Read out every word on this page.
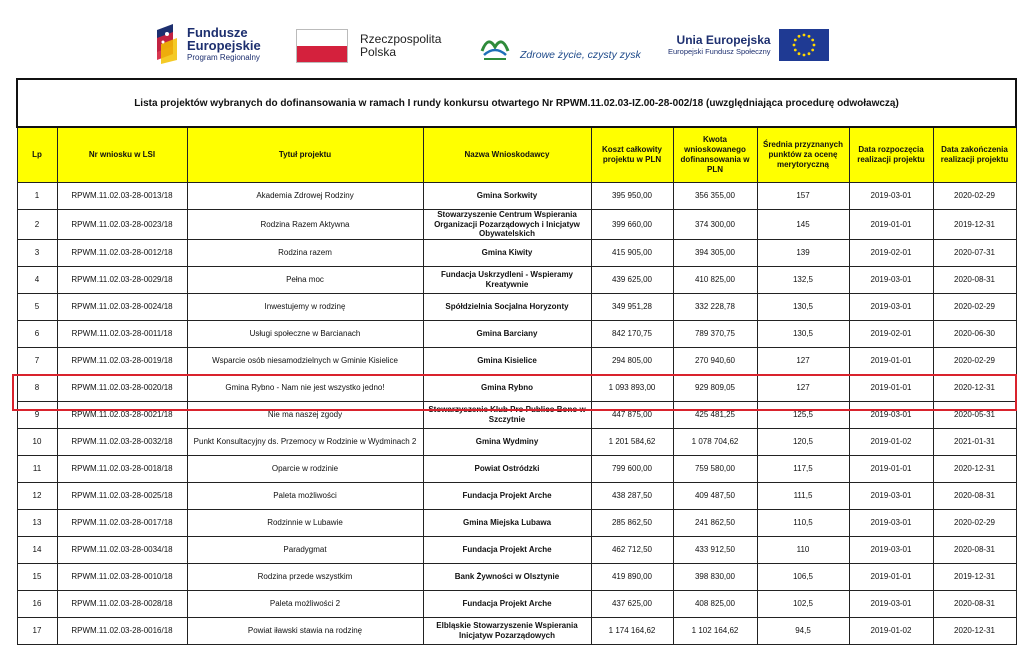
Fundusze
Europejskie
Program Regionalny
Rzeczpospolita
Polska	Zdrowe życie, czysty zysk
Unia Europejska
Europejski Fundusz Społeczny
Lista projektów wybranych do dofinansowania w ramach I rundy konkursu otwartego Nr RPWM.11.02.03-IZ.00-28-002/18 (uwzględniająca procedurę odwoławczą)								
Lp	Nr wniosku w LSI	Tytuł projektu	Nazwa Wnioskodawcy	Koszt całkowity projektu w PLN	Kwota wnioskowanego dofinansowania w PLN	Średnia przyznanych punktów za ocenę merytoryczną	Data rozpoczęcia realizacji projektu	Data zakończenia realizacji projektu
1	RPWM.11.02.03-28-0013/18	Akademia Zdrowej Rodziny	Gmina Sorkwity	395 950,00	356 355,00	157	2019-03-01	2020-02-29
2	RPWM.11.02.03-28-0023/18	Rodzina Razem Aktywna	Stowarzyszenie Centrum Wspierania Organizacji Pozarządowych i Inicjatyw Obywatelskich	399 660,00	374 300,00	145	2019-01-01	2019-12-31
3	RPWM.11.02.03-28-0012/18	Rodzina razem	Gmina Kiwity	415 905,00	394 305,00	139	2019-02-01	2020-07-31
4	RPWM.11.02.03-28-0029/18	Pełna moc	Fundacja Uskrzydleni - Wspieramy Kreatywnie	439 625,00	410 825,00	132,5	2019-03-01	2020-08-31
5	RPWM.11.02.03-28-0024/18	Inwestujemy w rodzinę	Spółdzielnia Socjalna Horyzonty	349 951,28	332 228,78	130,5	2019-03-01	2020-02-29
6	RPWM.11.02.03-28-0011/18	Usługi społeczne w Barcianach	Gmina Barciany	842 170,75	789 370,75	130,5	2019-02-01	2020-06-30
7	RPWM.11.02.03-28-0019/18	Wsparcie osób niesamodzielnych w Gminie Kisielice	Gmina Kisielice	294 805,00	270 940,60	127	2019-01-01	2020-02-29
8	RPWM.11.02.03-28-0020/18	Gmina Rybno - Nam nie jest wszystko jedno!	Gmina Rybno	1 093 893,00	929 809,05	127	2019-01-01	2020-12-31
9	RPWM.11.02.03-28-0021/18	Nie ma naszej zgody	Stowarzyszenie Klub Pro Publico Bono w Szczytnie	447 875,00	425 481,25	125,5	2019-03-01	2020-05-31
10	RPWM.11.02.03-28-0032/18	Punkt Konsultacyjny ds. Przemocy w Rodzinie w Wydminach 2	Gmina Wydminy	1 201 584,62	1 078 704,62	120,5	2019-01-02	2021-01-31
11	RPWM.11.02.03-28-0018/18	Oparcie w rodzinie	Powiat Ostródzki	799 600,00	759 580,00	117,5	2019-01-01	2020-12-31
12	RPWM.11.02.03-28-0025/18	Paleta możliwości	Fundacja Projekt Arche	438 287,50	409 487,50	111,5	2019-03-01	2020-08-31
13	RPWM.11.02.03-28-0017/18	Rodzinnie w Lubawie	Gmina Miejska Lubawa	285 862,50	241 862,50	110,5	2019-03-01	2020-02-29
14	RPWM.11.02.03-28-0034/18	Paradygmat	Fundacja Projekt Arche	462 712,50	433 912,50	110	2019-03-01	2020-08-31
15	RPWM.11.02.03-28-0010/18	Rodzina przede wszystkim	Bank Żywności w Olsztynie	419 890,00	398 830,00	106,5	2019-01-01	2019-12-31
16	RPWM.11.02.03-28-0028/18	Paleta możliwości 2	Fundacja Projekt Arche	437 625,00	408 825,00	102,5	2019-03-01	2020-08-31
17	RPWM.11.02.03-28-0016/18	Powiat iławski stawia na rodzinę	Elbląskie Stowarzyszenie Wspierania Inicjatyw Pozarządowych	1 174 164,62	1 102 164,62	94,5	2019-01-02	2020-12-31
